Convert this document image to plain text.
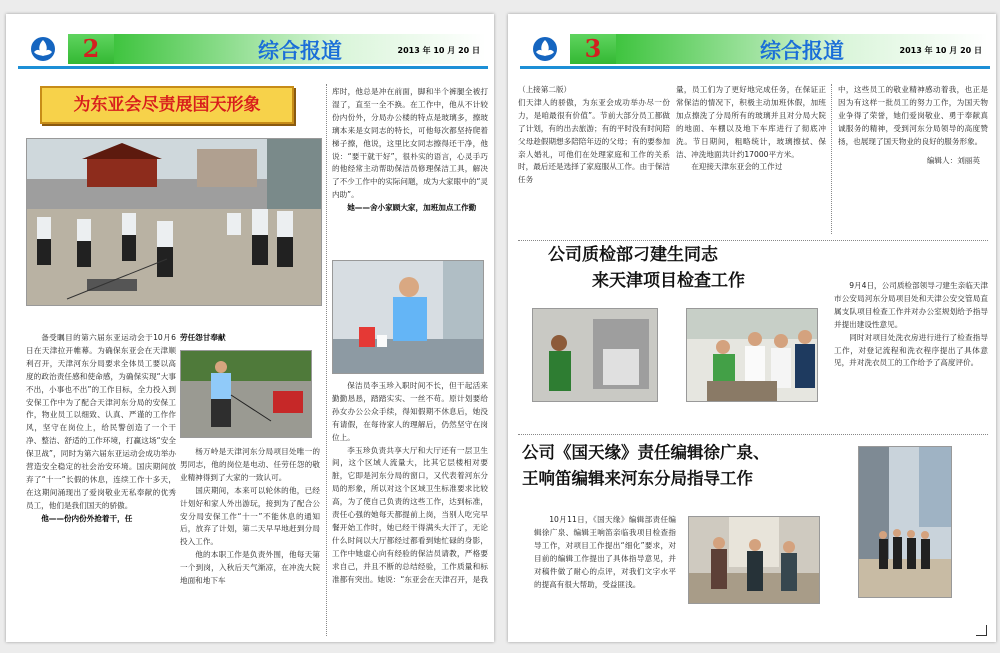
2	综合报道	2013 年 10 月 20 日
为东亚会尽责展国天形象

备受瞩目的第六届东亚运动会于10月6日在天津拉开帷幕。为确保东亚会在天津顺利召开，天津河东分局要求全体员工要以高度的政治责任感和使命感，为确保实现“大事不出，小事也不出”的工作目标，全力投入到安保工作中为了配合天津河东分局的安保工作，物业员工以细致、认真、严谨的工作作风，坚守在岗位上，给民警创造了一个干净、整洁、舒适的工作环境，打赢这场“安全保卫战”，同时为第六届东亚运动会成功举办营造安全稳定的社会治安环境。国庆期间放弃了“十一”长假的休息，连续工作十多天，在这期间涌现出了爱岗敬业无私奉献的优秀员工，他们是我们国天的骄傲。

他——份内份外抢着干，任

劳任怨甘奉献

杨万岭是天津河东分局项目处唯一的男同志，他的岗位是电动、任劳任怨的敬业精神得到了大家的一致认可。

国庆期间，本来可以轮休的他，已经计划好和家人外出游玩，接到为了配合公安分局安保工作“十一”不能休息的通知后，放弃了计划，第二天早早地赶到分局投入工作。

他的本职工作是负责外围，他每天第一个到岗，入秋后天气渐凉，在冲洗大院地面和地下车

库时，他总是冲在前面，脚和半个裤腿全被打湿了，直至一全不换。在工作中，他从不计较份内份外，分局办公楼的特点是玻璃多，擦玻璃本来是女同志的特长，可他每次都坚持爬着梯子擦，他说，这里比女同志擦得还干净，他说：“要干就干好”，很朴实的语言，心灵手巧的他经常主动帮助保洁员修理保洁工具，解决了不少工作中的实际问题，成为大家眼中的“灵内助”。

她——舍小家顾大家，加班加点工作勤

保洁员李玉珍入职时间不长，但干起活来勤勤恳恳，踏踏实实、一丝不苟。原计划要给孙女办公公众手续，得知假期不休息后，她没有请假，在每待家人的理解后，仍然坚守在岗位上。

李玉珍负责共享大厅和大厅还有一层卫生间，这个区域人流量大，比其它层楼相对要脏，它即是河东分局的窗口，又代表着河东分局的形象，所以对这个区域卫生标准要求比较高，为了使自己负责的这些工作，达到标准，责任心强的她每天都提前上岗，当别人吃完早餐开始工作时，她已经干得满头大汗了，无论什么时间以大厅都经过都看到她忙碌的身影，工作中她虚心向有经验的保洁员请教，严格要求自己，并且不断的总结经验，工作质量和标准都有突出。她说：“东亚会在天津召开，是我

3	综合报道	2013 年 10 月 20 日

（上接第二版）

们天津人的骄傲，为东亚会成功举办尽一份力，是咱最很有价值”。节前大部分员工都做了计划，有的出去旅游；有的平时没有时间陪父母趁假期想多陪陪年迈的父母；有的要参加亲人婚礼，可他们在处理家庭和工作的关系时，最后还是选择了家庭服从工作。由于保洁任务

量，员工们为了更好地完成任务，在保证正常保洁的情况下，积极主动加班休假，加班加点擦洗了分局所有的玻璃并且对分局大院的地面、车棚以及地下车库进行了彻底冲洗。节日期间，粗略统计，玻璃擦拭、保洁、冲洗地面共计约17000平方米。

在迎接天津东亚会的工作过

中，这些员工的敬业精神感动着我，也正是因为有这样一批员工的努力工作，为国天物业争得了荣誉，她们爱岗敬业、勇于奉献真诚服务的精神，受到河东分局领导的高度赞扬，也展现了国天物业的良好的服务形象。

编辑人：刘丽英

公司质检部刁建生同志
来天津项目检查工作	9月4日，公司质检部领导刁建生亲临天津市公安局河东分局项目处和天津公安交管局直属支队项目检查工作并对办公室规划给予指导并提出建设性意见。

同时对项目处洗衣房进行进行了检查指导工作，对登记流程和洗衣程序提出了具体意见，并对洗衣员工的工作给予了高度评价。

公司《国天缘》责任编辑徐广泉、
王响笛编辑来河东分局指导工作

10月11日，《国天缘》编辑部责任编辑徐广泉、编辑王响笛亲临我项目检查指导工作，对项目工作提出“细化”要求，对目前的编辑工作提出了具体指导意见，并对稿件做了耐心的点评，对我们文字水平的提高有很大帮助，受益匪浅。
